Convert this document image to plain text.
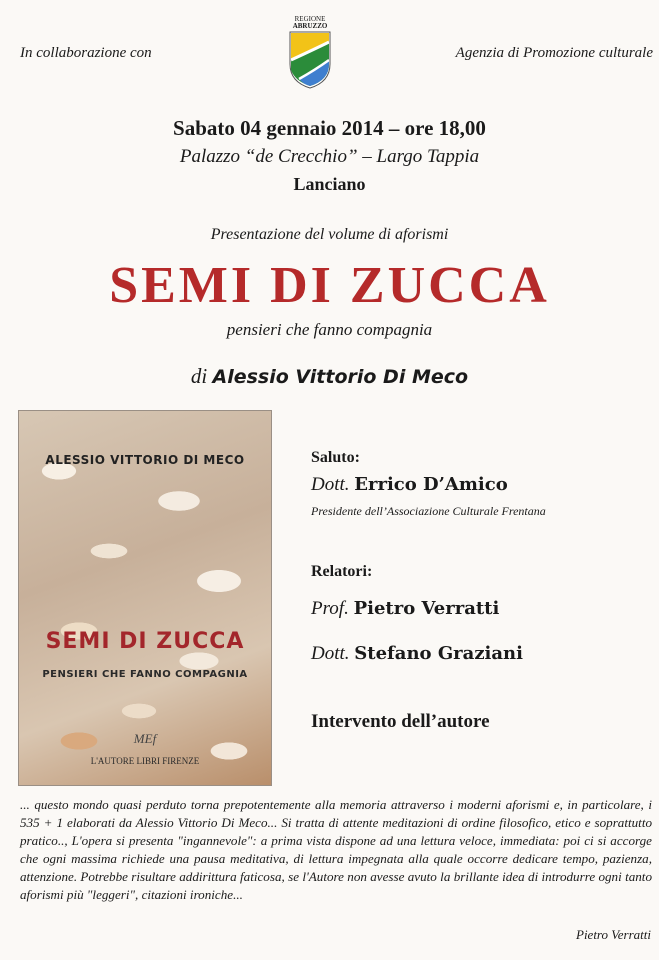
In collaborazione con
REGIONE
ABRUZZO
Agenzia di Promozione culturale
Sabato 04 gennaio 2014 – ore 18,00
Palazzo “de Crecchio” – Largo Tappia
Lanciano
Presentazione del volume di aforismi
SEMI DI ZUCCA
pensieri che fanno compagnia
di Alessio Vittorio Di Meco
ALESSIO VITTORIO DI MECO
SEMI DI ZUCCA
PENSIERI CHE FANNO COMPAGNIA
MEf
L'AUTORE LIBRI FIRENZE
Saluto:
Dott. Errico D’Amico
Presidente dell’Associazione Culturale Frentana
Relatori:
Prof. Pietro Verratti
Dott. Stefano Graziani
Intervento dell’autore
... questo mondo quasi perduto torna prepotentemente alla memoria attraverso i moderni aforismi e, in particolare, i 535 + 1 elaborati da Alessio Vittorio Di Meco... Si tratta di attente meditazioni di ordine filosofico, etico e soprattutto pratico.., L'opera si presenta "ingannevole": a prima vista dispone ad una lettura veloce, immediata: poi ci si accorge che ogni massima richiede una pausa meditativa, di lettura impegnata alla quale occorre dedicare tempo, pazienza, attenzione. Potrebbe risultare addirittura faticosa, se l'Autore non avesse avuto la brillante idea di introdurre ogni tanto aforismi più "leggeri", citazioni ironiche...
Pietro Verratti
